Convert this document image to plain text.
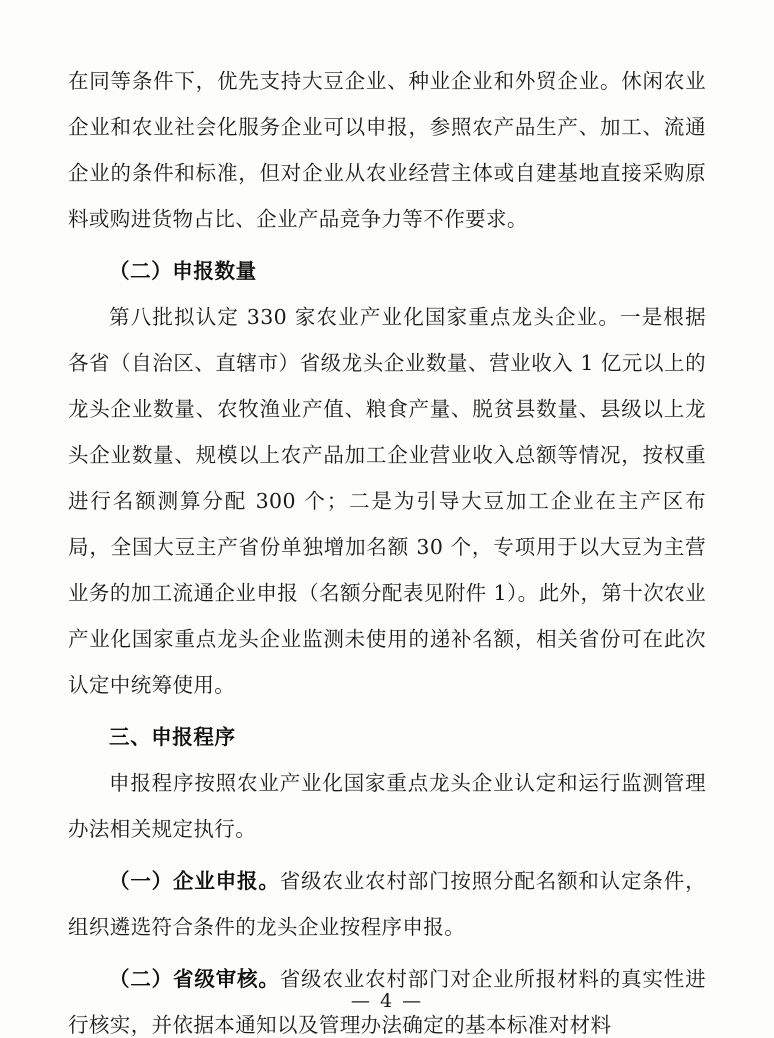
在同等条件下，优先支持大豆企业、种业企业和外贸企业。休闲农业企业和农业社会化服务企业可以申报，参照农产品生产、加工、流通企业的条件和标准，但对企业从农业经营主体或自建基地直接采购原料或购进货物占比、企业产品竞争力等不作要求。

（二）申报数量

第八批拟认定 330 家农业产业化国家重点龙头企业。一是根据各省（自治区、直辖市）省级龙头企业数量、营业收入 1 亿元以上的龙头企业数量、农牧渔业产值、粮食产量、脱贫县数量、县级以上龙头企业数量、规模以上农产品加工企业营业收入总额等情况，按权重进行名额测算分配 300 个；二是为引导大豆加工企业在主产区布局，全国大豆主产省份单独增加名额 30 个，专项用于以大豆为主营业务的加工流通企业申报（名额分配表见附件 1）。此外，第十次农业产业化国家重点龙头企业监测未使用的递补名额，相关省份可在此次认定中统筹使用。

三、申报程序

申报程序按照农业产业化国家重点龙头企业认定和运行监测管理办法相关规定执行。

（一）企业申报。省级农业农村部门按照分配名额和认定条件，组织遴选符合条件的龙头企业按程序申报。

（二）省级审核。省级农业农村部门对企业所报材料的真实性进行核实，并依据本通知以及管理办法确定的基本标准对材料

— 4 —
